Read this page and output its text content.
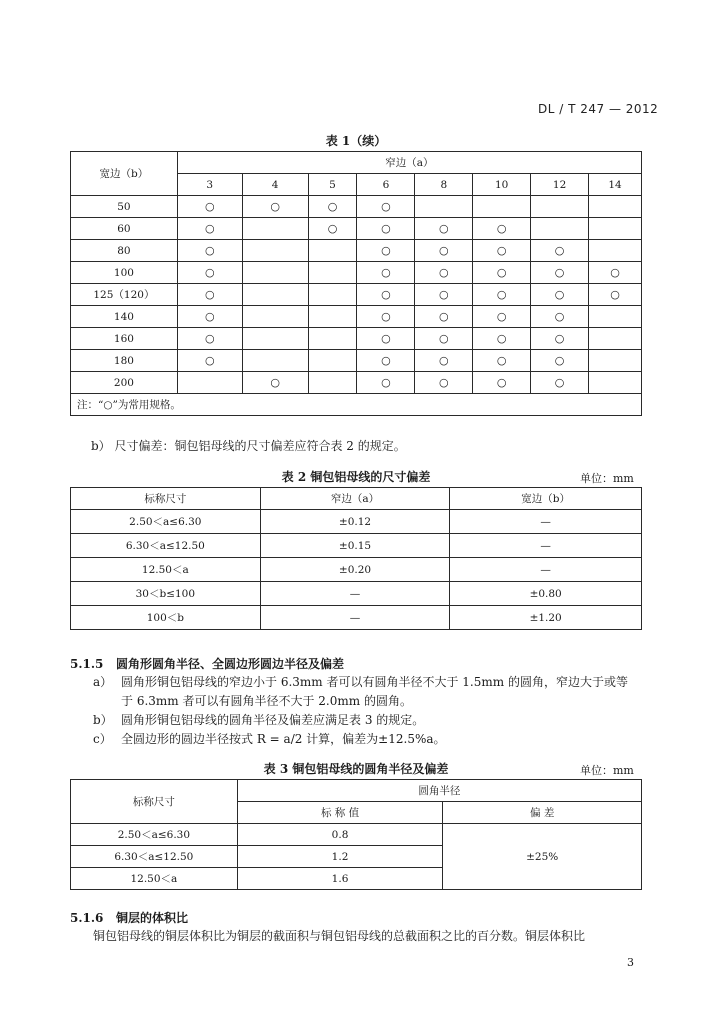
DL / T 247 — 2012
表 1（续）
宽边（b）	窄边（a）							
	3	4	5	6	8	10	12	14
50	○	○	○	○				
60	○		○	○	○	○		
80	○			○	○	○	○	
100	○			○	○	○	○	○
125（120）	○			○	○	○	○	○
140	○			○	○	○	○	
160	○			○	○	○	○	
180	○			○	○	○	○	
200		○		○	○	○	○	
注：“○”为常用规格。								
b） 尺寸偏差：铜包铝母线的尺寸偏差应符合表 2 的规定。
表 2 铜包铝母线的尺寸偏差	单位：mm
标称尺寸	窄边（a）	宽边（b）
2.50＜a≤6.30	±0.12	—
6.30＜a≤12.50	±0.15	—
12.50＜a	±0.20	—
30＜b≤100	—	±0.80
100＜b	—	±1.20
5.1.5 圆角形圆角半径、全圆边形圆边半径及偏差
a） 圆角形铜包铝母线的窄边小于 6.3mm 者可以有圆角半径不大于 1.5mm 的圆角，窄边大于或等
于 6.3mm 者可以有圆角半径不大于 2.0mm 的圆角。
b） 圆角形铜包铝母线的圆角半径及偏差应满足表 3 的规定。
c） 全圆边形的圆边半径按式 R = a/2 计算，偏差为±12.5%a。
表 3 铜包铝母线的圆角半径及偏差	单位：mm
标称尺寸	圆角半径	
	标 称 值	偏 差
2.50＜a≤6.30	0.8	±25%
6.30＜a≤12.50	1.2	
12.50＜a	1.6	
5.1.6 铜层的体积比
铜包铝母线的铜层体积比为铜层的截面积与铜包铝母线的总截面积之比的百分数。铜层体积比
3
